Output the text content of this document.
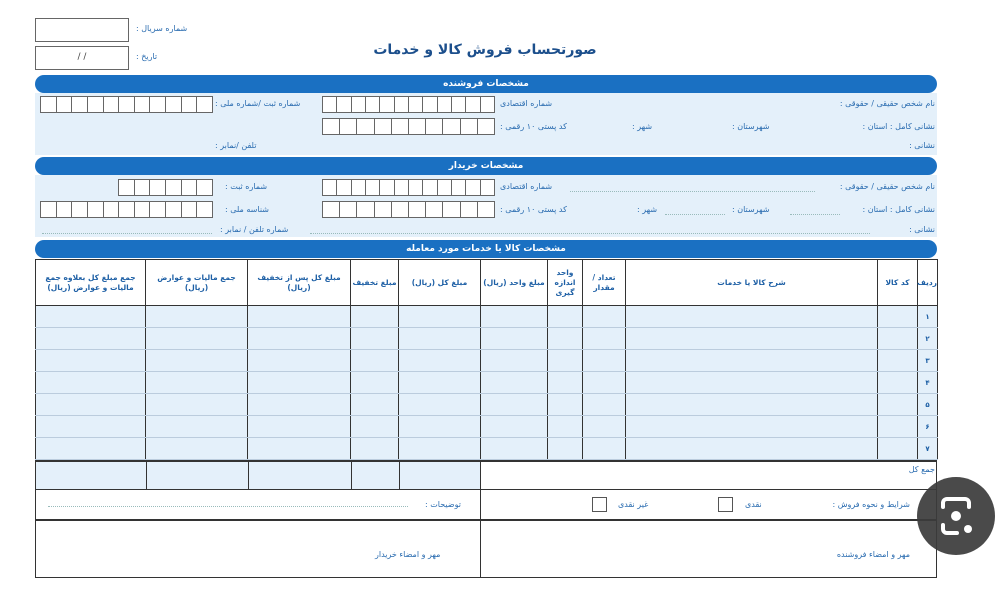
شماره سریال :
/ /	تاریخ :	صورتحساب فروش کالا و خدمات
مشخصات فروشنده
نام شخص حقیقی / حقوقی :
شماره اقتصادی
شماره ثبت /شماره ملی :
نشانی کامل : استان :
شهرستان :
شهر :
کد پستی ۱۰ رقمی :
نشانی :
تلفن /نمابر :
مشخصات خریدار
نام شخص حقیقی / حقوقی :
شماره اقتصادی
شماره ثبت :
نشانی کامل : استان :
شهرستان :
شهر :
کد پستی ۱۰ رقمی :
شناسه ملی :
نشانی :
شماره تلفن / نمابر :
مشخصات کالا یا خدمات مورد معامله
ردیف	کد کالا	شرح کالا یا خدمات	تعداد / مقدار	واحد اندازه گیری	مبلغ واحد (ریال)	مبلغ کل (ریال)	مبلغ تخفیف	مبلغ کل پس از تخفیف (ریال)	جمع مالیات و عوارض (ریال)	جمع مبلغ کل بعلاوه جمع مالیات و عوارض (ریال)
۱										
۲										
۳										
۴										
۵										
۶										
۷										
جمع کل
شرایط و نحوه فروش :
نقدی
غیر نقدی
توضیحات :
مهر و امضاء فروشنده
مهر و امضاء خریدار
